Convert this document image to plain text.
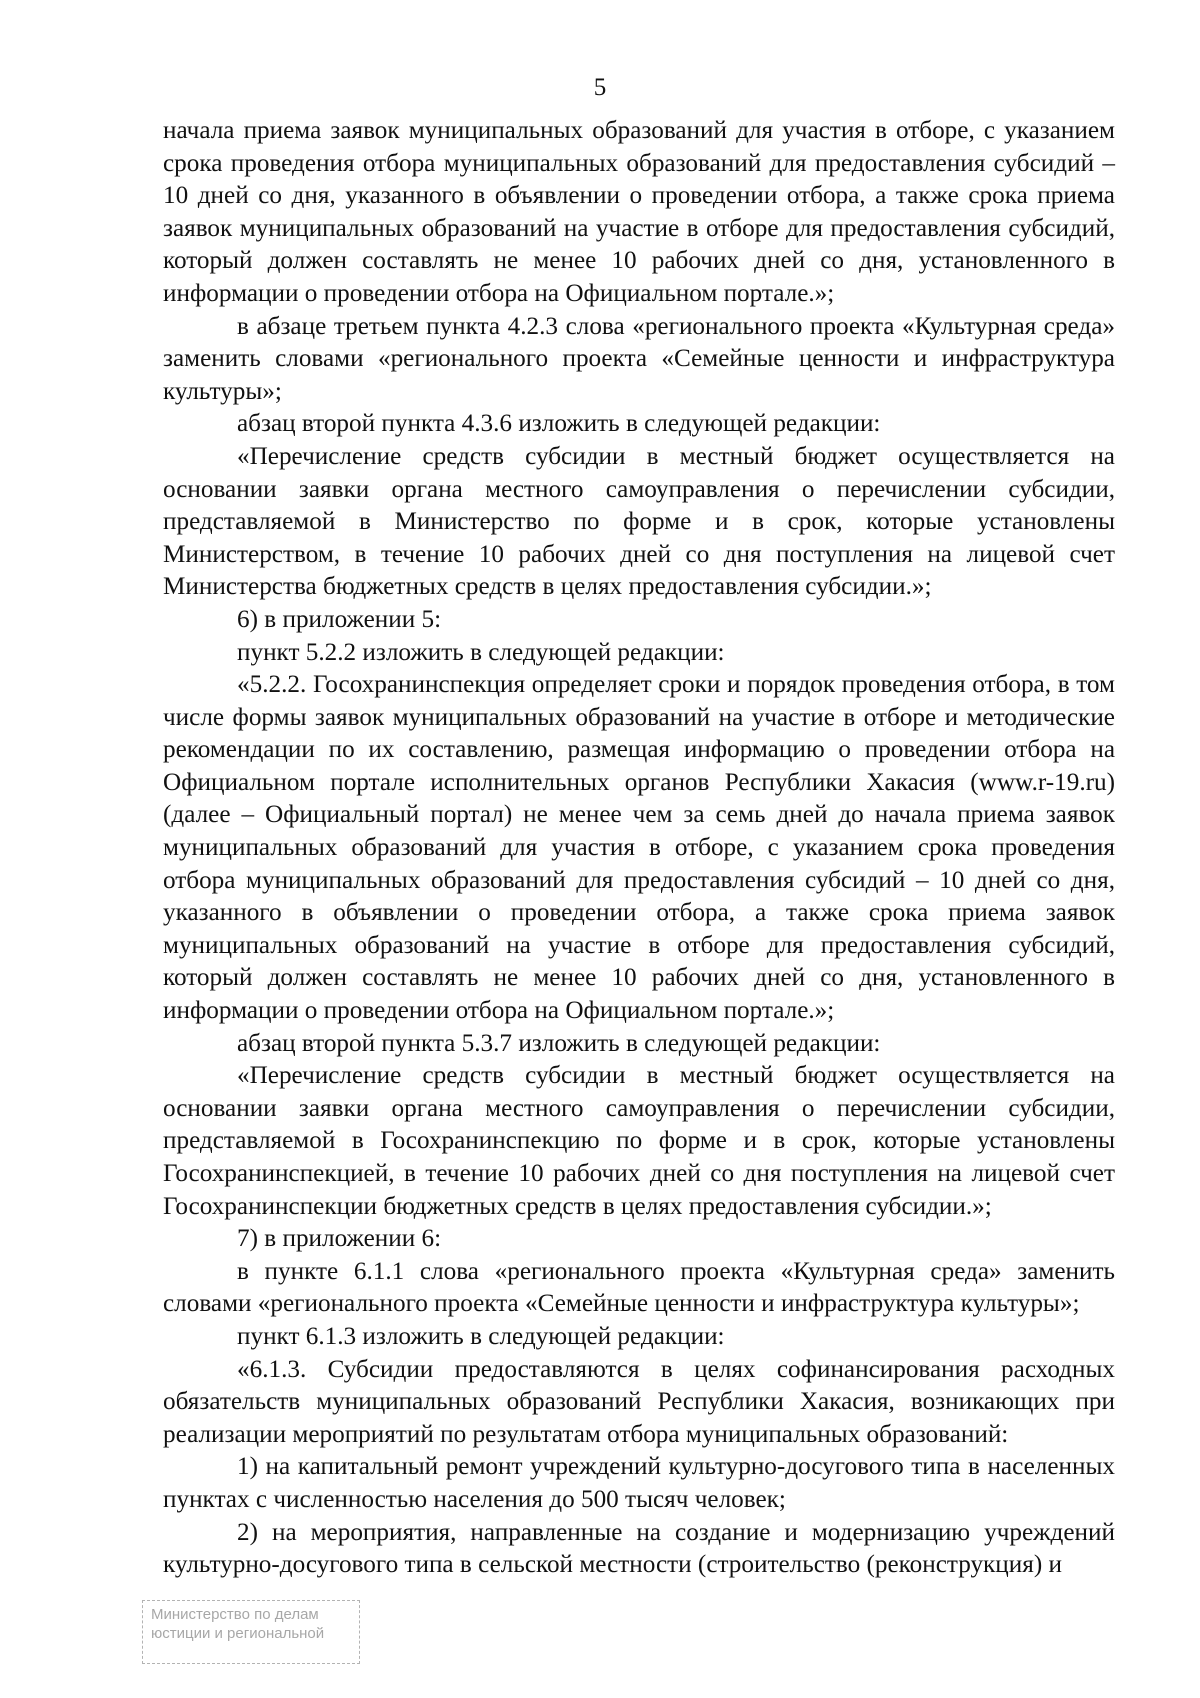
5

начала приема заявок муниципальных образований для участия в отборе, с указанием срока проведения отбора муниципальных образований для предоставления субсидий – 10 дней со дня, указанного в объявлении о проведении отбора, а также срока приема заявок муниципальных образований на участие в отборе для предоставления субсидий, который должен составлять не менее 10 рабочих дней со дня, установленного в информации о проведении отбора на Официальном портале.»;

в абзаце третьем пункта 4.2.3 слова «регионального проекта «Культурная среда» заменить словами «регионального проекта «Семейные ценности и инфраструктура культуры»;

абзац второй пункта 4.3.6 изложить в следующей редакции:

«Перечисление средств субсидии в местный бюджет осуществляется на основании заявки органа местного самоуправления о перечислении субсидии, представляемой в Министерство по форме и в срок, которые установлены Министерством, в течение 10 рабочих дней со дня поступления на лицевой счет Министерства бюджетных средств в целях предоставления субсидии.»;

6) в приложении 5:

пункт 5.2.2 изложить в следующей редакции:

«5.2.2. Госохранинспекция определяет сроки и порядок проведения отбора, в том числе формы заявок муниципальных образований на участие в отборе и методические рекомендации по их составлению, размещая информацию о проведении отбора на Официальном портале исполнительных органов Республики Хакасия (www.r-19.ru) (далее – Официальный портал) не менее чем за семь дней до начала приема заявок муниципальных образований для участия в отборе, с указанием срока проведения отбора муниципальных образований для предоставления субсидий – 10 дней со дня, указанного в объявлении о проведении отбора, а также срока приема заявок муниципальных образований на участие в отборе для предоставления субсидий, который должен составлять не менее 10 рабочих дней со дня, установленного в информации о проведении отбора на Официальном портале.»;

абзац второй пункта 5.3.7 изложить в следующей редакции:

«Перечисление средств субсидии в местный бюджет осуществляется на основании заявки органа местного самоуправления о перечислении субсидии, представляемой в Госохранинспекцию по форме и в срок, которые установлены Госохранинспекцией, в течение 10 рабочих дней со дня поступления на лицевой счет Госохранинспекции бюджетных средств в целях предоставления субсидии.»;

7) в приложении 6:

в пункте 6.1.1 слова «регионального проекта «Культурная среда» заменить словами «регионального проекта «Семейные ценности и инфраструктура культуры»;

пункт 6.1.3 изложить в следующей редакции:

«6.1.3. Субсидии предоставляются в целях софинансирования расходных обязательств муниципальных образований Республики Хакасия, возникающих при реализации мероприятий по результатам отбора муниципальных образований:

1) на капитальный ремонт учреждений культурно-досугового типа в населенных пунктах с численностью населения до 500 тысяч человек;

2) на мероприятия, направленные на создание и модернизацию учреждений культурно-досугового типа в сельской местности (строительство (реконструкция) и

Министерство по делам
юстиции и региональной
